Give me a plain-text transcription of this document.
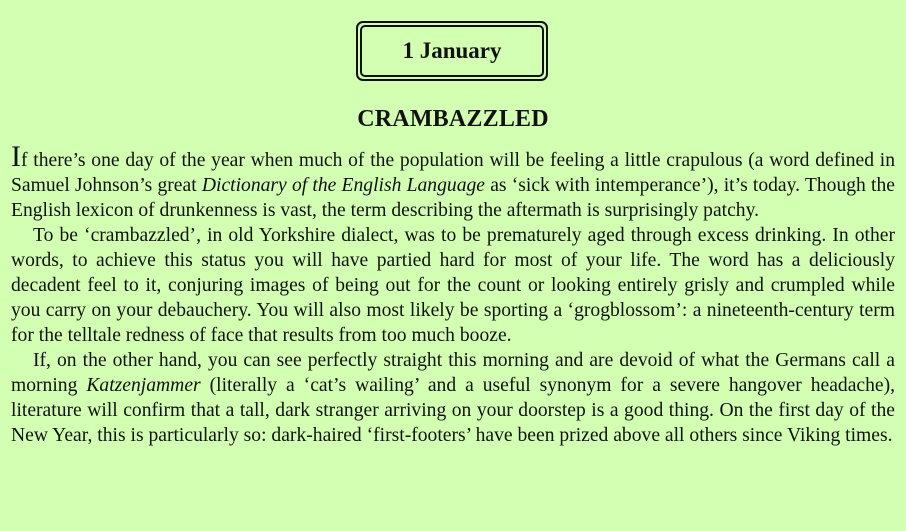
1 January
CRAMBAZZLED

If there’s one day of the year when much of the population will be feeling a little crapulous (a word defined in Samuel Johnson’s great Dictionary of the English Language as ‘sick with intemperance’), it’s today. Though the English lexicon of drunkenness is vast, the term describing the aftermath is surprisingly patchy.

To be ‘crambazzled’, in old Yorkshire dialect, was to be prematurely aged through excess drinking. In other words, to achieve this status you will have partied hard for most of your life. The word has a deliciously decadent feel to it, conjuring images of being out for the count or looking entirely grisly and crumpled while you carry on your debauchery. You will also most likely be sporting a ‘grogblossom’: a nineteenth-century term for the telltale redness of face that results from too much booze.

If, on the other hand, you can see perfectly straight this morning and are devoid of what the Germans call a morning Katzenjammer (literally a ‘cat’s wailing’ and a useful synonym for a severe hangover headache), literature will confirm that a tall, dark stranger arriving on your doorstep is a good thing. On the first day of the New Year, this is particularly so: dark-haired ‘first-footers’ have been prized above all others since Viking times.
